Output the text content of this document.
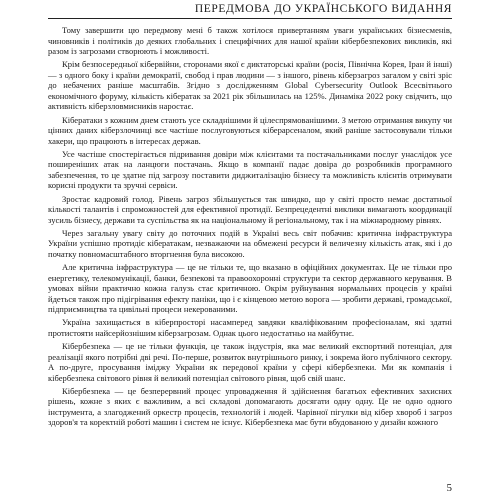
ПЕРЕДМОВА ДО УКРАЇНСЬКОГО ВИДАННЯ

Тому завершити цю передмову мені б також хотілося привертанням уваги українських бізнесменів, чиновників і політиків до деяких глобальних і специфічних для нашої країни кібербезпекових викликів, які разом із загрозами створюють і можливості.

Крім безпосередньої кібервійни, сторонами якої є диктаторські країни (росія, Північна Корея, Іран й інші) — з одного боку і країни демократії, свобод і прав людини — з іншого, рівень кіберзагроз загалом у світі зріс до небачених раніше масштабів. Згідно з дослідженням Global Cybersecurity Outlook Всесвітнього економічного форуму, кількість кібератак за 2021 рік збільшилась на 125%. Динаміка 2022 року свідчить, що активність кіберзловмисників наростає.

Кібератаки з кожним днем стають усе складнішими й цілеспрямованішими. З метою отримання викупу чи цінних даних кіберзлочинці все частіше послуговуються кіберарсеналом, який раніше застосовували тільки хакери, що працюють в інтересах держав.

Усе частіше спостерігається підривання довіри між клієнтами та постачальниками послуг унаслідок усе поширеніших атак на ланцюги постачань. Якщо в компанії падає довіра до розробників програмного забезпечення, то це здатне під загрозу поставити диджиталізацію бізнесу та можливість клієнтів отримувати корисні продукти та зручні сервіси.

Зростає кадровий голод. Рівень загроз збільшується так швидко, що у світі просто немає достатньої кількості талантів і спроможностей для ефективної протидії. Безпрецедентні виклики вимагають координації зусиль бізнесу, держави та суспільства як на національному й регіональному, так і на міжнародному рівнях.

Через загальну увагу світу до поточних подій в Україні весь світ побачив: критична інфраструктура України успішно протидіє кібератакам, незважаючи на обмежені ресурси й величезну кількість атак, які і до початку повномасштабного вторгнення була високою.

Але критична інфраструктура — це не тільки те, що вказано в офіційних документах. Це не тільки про енергетику, телекомунікації, банки, безпекові та правоохоронні структури та сектор державного керування. В умовах війни практично кожна галузь стає критичною. Окрім руйнування нормальних процесів у країні йдеться також про підігрівання ефекту паніки, що і є кінцевою метою ворога — зробити державі, громадської, підприємництва та цивільні процеси некерованими.

Україна захищається в кіберпросторі насамперед завдяки кваліфікованим професіоналам, які здатні протистояти найсерйознішим кіберзагрозам. Однак цього недостатньо на майбутнє.

Кібербезпека — це не тільки функція, це також індустрія, яка має великий експортний потенціал, для реалізації якого потрібні дві речі. По-перше, розвиток внутрішнього ринку, і зокрема його публічного сектору. А по-друге, просування іміджу України як передової країни у сфері кібербезпеки. Ми як компанія і кібербезпека світового рівня й великий потенціал світового рівня, щоб свій шанс.

Кібербезпека — це безперервний процес упровадження й здійснення багатьох ефективних захисних рішень, кожне з яких є важливим, а всі складові допомагають досягати одну одну. Це не одно одного інструмента, а злагоджений оркестр процесів, технологій і людей. Чарівної пігулки від кібер хвороб і загроз здоров'я та коректній роботі машин і систем не існує. Кібербезпека має бути вбудованою у дизайн кожного

5
